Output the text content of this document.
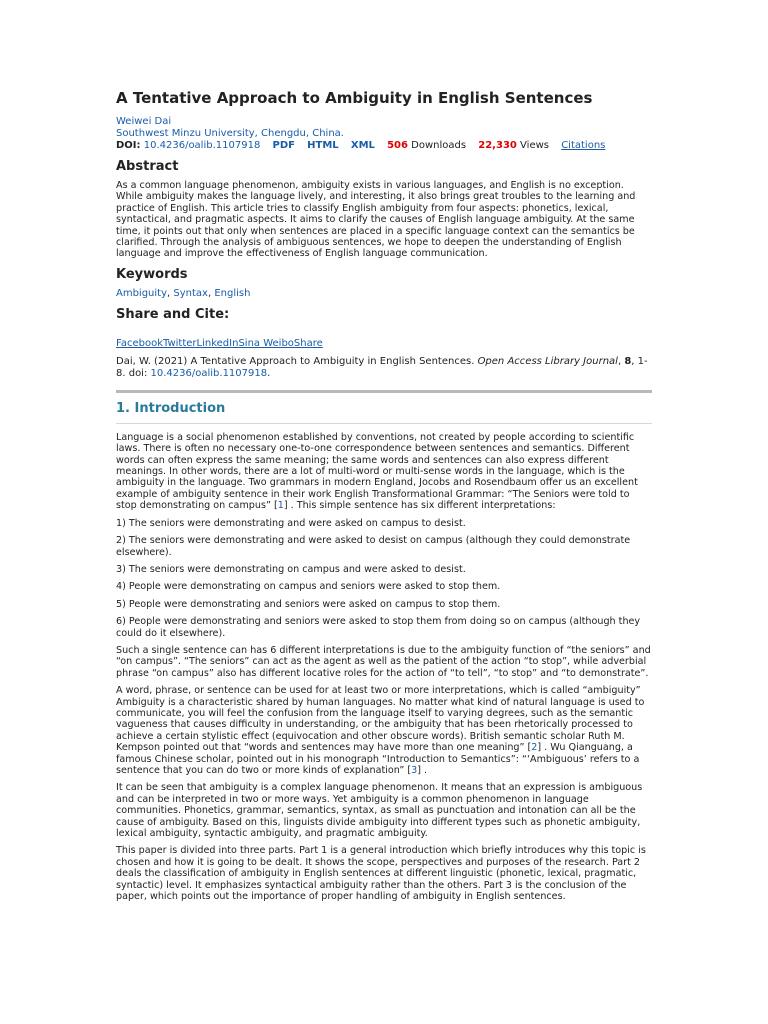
A Tentative Approach to Ambiguity in English Sentences
Weiwei Dai
Southwest Minzu University, Chengdu, China.
DOI: 10.4236/oalib.1107918 PDF HTML XML 506 Downloads 22,330 Views Citations
Abstract

As a common language phenomenon, ambiguity exists in various languages, and English is no exception. While ambiguity makes the language lively, and interesting, it also brings great troubles to the learning and practice of English. This article tries to classify English ambiguity from four aspects: phonetics, lexical, syntactical, and pragmatic aspects. It aims to clarify the causes of English language ambiguity. At the same time, it points out that only when sentences are placed in a specific language context can the semantics be clarified. Through the analysis of ambiguous sentences, we hope to deepen the understanding of English language and improve the effectiveness of English language communication.

Keywords

Ambiguity, Syntax, English

Share and Cite:
FacebookTwitterLinkedInSina WeiboShare

Dai, W. (2021) A Tentative Approach to Ambiguity in English Sentences. Open Access Library Journal, 8, 1-8. doi: 10.4236/oalib.1107918.

1. Introduction

Language is a social phenomenon established by conventions, not created by people according to scientific laws. There is often no necessary one-to-one correspondence between sentences and semantics. Different words can often express the same meaning; the same words and sentences can also express different meanings. In other words, there are a lot of multi-word or multi-sense words in the language, which is the ambiguity in the language. Two grammars in modern England, Jocobs and Rosendbaum offer us an excellent example of ambiguity sentence in their work English Transformational Grammar: “The Seniors were told to stop demonstrating on campus” [1] . This simple sentence has six different interpretations:

1) The seniors were demonstrating and were asked on campus to desist.

2) The seniors were demonstrating and were asked to desist on campus (although they could demonstrate elsewhere).

3) The seniors were demonstrating on campus and were asked to desist.

4) People were demonstrating on campus and seniors were asked to stop them.

5) People were demonstrating and seniors were asked on campus to stop them.

6) People were demonstrating and seniors were asked to stop them from doing so on campus (although they could do it elsewhere).

Such a single sentence can has 6 different interpretations is due to the ambiguity function of “the seniors” and “on campus”. “The seniors” can act as the agent as well as the patient of the action “to stop”, while adverbial phrase “on campus” also has different locative roles for the action of “to tell”, “to stop” and “to demonstrate”.

A word, phrase, or sentence can be used for at least two or more interpretations, which is called “ambiguity” Ambiguity is a characteristic shared by human languages. No matter what kind of natural language is used to communicate, you will feel the confusion from the language itself to varying degrees, such as the semantic vagueness that causes difficulty in understanding, or the ambiguity that has been rhetorically processed to achieve a certain stylistic effect (equivocation and other obscure words). British semantic scholar Ruth M. Kempson pointed out that “words and sentences may have more than one meaning” [2] . Wu Qianguang, a famous Chinese scholar, pointed out in his monograph “Introduction to Semantics”: “‘Ambiguous’ refers to a sentence that you can do two or more kinds of explanation” [3] .

It can be seen that ambiguity is a complex language phenomenon. It means that an expression is ambiguous and can be interpreted in two or more ways. Yet ambiguity is a common phenomenon in language communities. Phonetics, grammar, semantics, syntax, as small as punctuation and intonation can all be the cause of ambiguity. Based on this, linguists divide ambiguity into different types such as phonetic ambiguity, lexical ambiguity, syntactic ambiguity, and pragmatic ambiguity.

This paper is divided into three parts. Part 1 is a general introduction which briefly introduces why this topic is chosen and how it is going to be dealt. It shows the scope, perspectives and purposes of the research. Part 2 deals the classification of ambiguity in English sentences at different linguistic (phonetic, lexical, pragmatic, syntactic) level. It emphasizes syntactical ambiguity rather than the others. Part 3 is the conclusion of the paper, which points out the importance of proper handling of ambiguity in English sentences.
